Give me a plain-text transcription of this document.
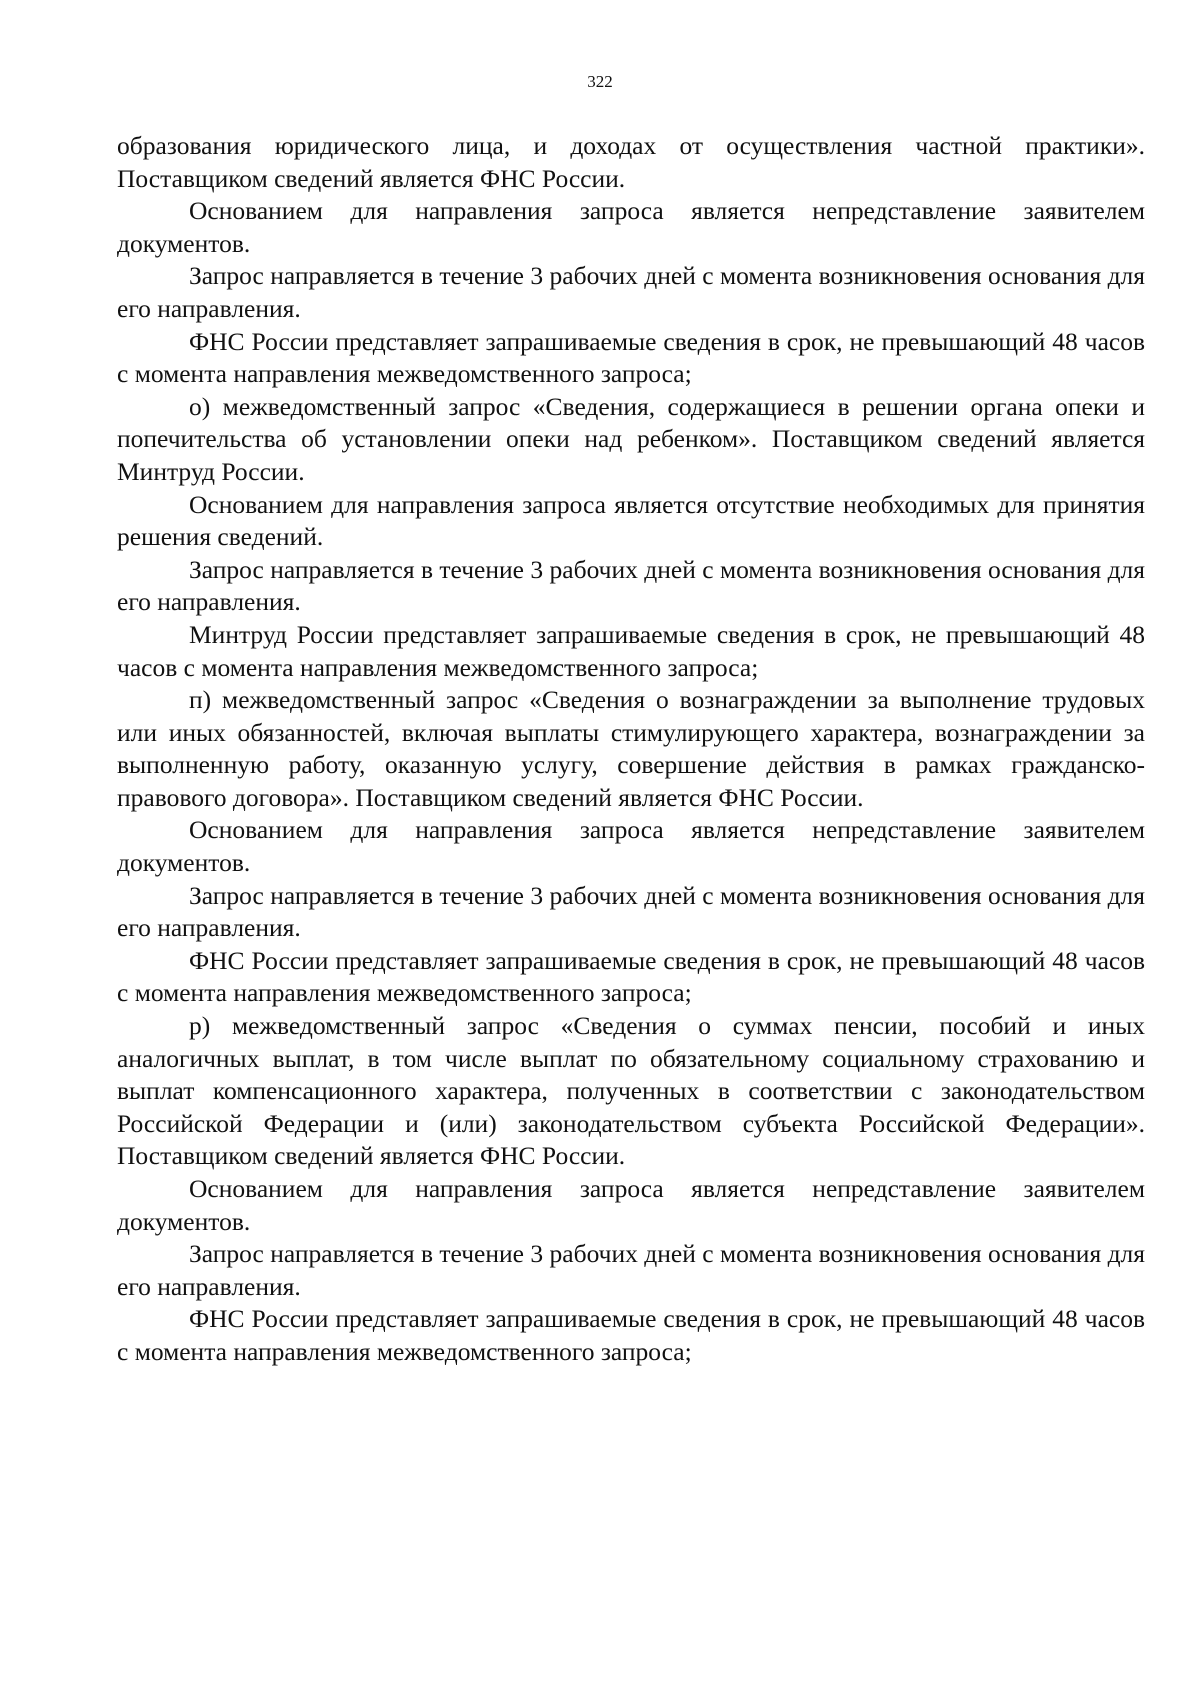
322

образования юридического лица, и доходах от осуществления частной практики». Поставщиком сведений является ФНС России.

Основанием для направления запроса является непредставление заявителем документов.

Запрос направляется в течение 3 рабочих дней с момента возникновения основания для его направления.

ФНС России представляет запрашиваемые сведения в срок, не превышающий 48 часов с момента направления межведомственного запроса;

о) межведомственный запрос «Сведения, содержащиеся в решении органа опеки и попечительства об установлении опеки над ребенком». Поставщиком сведений является Минтруд России.

Основанием для направления запроса является отсутствие необходимых для принятия решения сведений.

Запрос направляется в течение 3 рабочих дней с момента возникновения основания для его направления.

Минтруд России представляет запрашиваемые сведения в срок, не превышающий 48 часов с момента направления межведомственного запроса;

п) межведомственный запрос «Сведения о вознаграждении за выполнение трудовых или иных обязанностей, включая выплаты стимулирующего характера, вознаграждении за выполненную работу, оказанную услугу, совершение действия в рамках гражданско-правового договора». Поставщиком сведений является ФНС России.

Основанием для направления запроса является непредставление заявителем документов.

Запрос направляется в течение 3 рабочих дней с момента возникновения основания для его направления.

ФНС России представляет запрашиваемые сведения в срок, не превышающий 48 часов с момента направления межведомственного запроса;

р) межведомственный запрос «Сведения о суммах пенсии, пособий и иных аналогичных выплат, в том числе выплат по обязательному социальному страхованию и выплат компенсационного характера, полученных в соответствии с законодательством Российской Федерации и (или) законодательством субъекта Российской Федерации». Поставщиком сведений является ФНС России.

Основанием для направления запроса является непредставление заявителем документов.

Запрос направляется в течение 3 рабочих дней с момента возникновения основания для его направления.

ФНС России представляет запрашиваемые сведения в срок, не превышающий 48 часов с момента направления межведомственного запроса;
